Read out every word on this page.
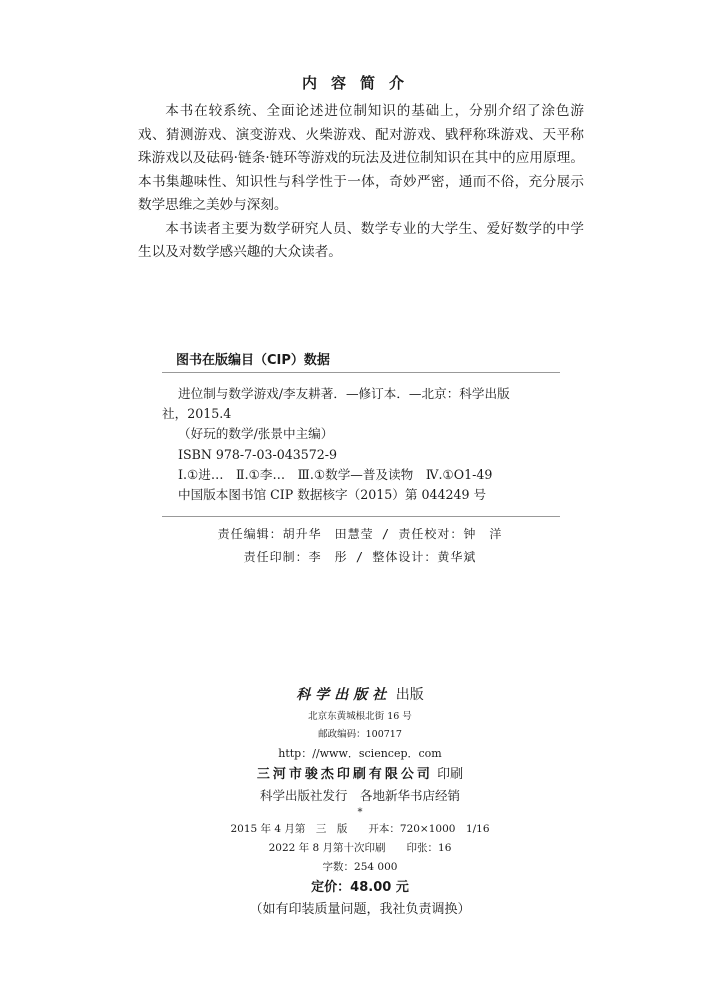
内容简介

本书在较系统、全面论述进位制知识的基础上，分别介绍了涂色游戏、猜测游戏、演变游戏、火柴游戏、配对游戏、戥秤称珠游戏、天平称珠游戏以及砝码·链条·链环等游戏的玩法及进位制知识在其中的应用原理。本书集趣味性、知识性与科学性于一体，奇妙严密，通而不俗，充分展示数学思维之美妙与深刻。

本书读者主要为数学研究人员、数学专业的大学生、爱好数学的中学生以及对数学感兴趣的大众读者。

图书在版编目（CIP）数据
进位制与数学游戏/李友耕著．—修订本．—北京：科学出版
社，2015.4
（好玩的数学/张景中主编）
ISBN 978-7-03-043572-9
Ⅰ.①进…　Ⅱ.①李…　Ⅲ.①数学—普及读物　Ⅳ.①O1-49
中国版本图书馆 CIP 数据核字（2015）第 044249 号
责任编辑：胡升华　田慧莹 / 责任校对：钟　洋
责任印制：李　彤 / 整体设计：黄华斌
科学出版社 出版
北京东黄城根北街 16 号
邮政编码：100717
http：//www．sciencep．com
三河市骏杰印刷有限公司 印刷
科学出版社发行　各地新华书店经销
*
2015 年 4 月第　三　版　　开本：720×1000　1/16
2022 年 8 月第十次印刷　　印张：16
字数：254 000
定价：48.00 元
（如有印装质量问题，我社负责调换）
